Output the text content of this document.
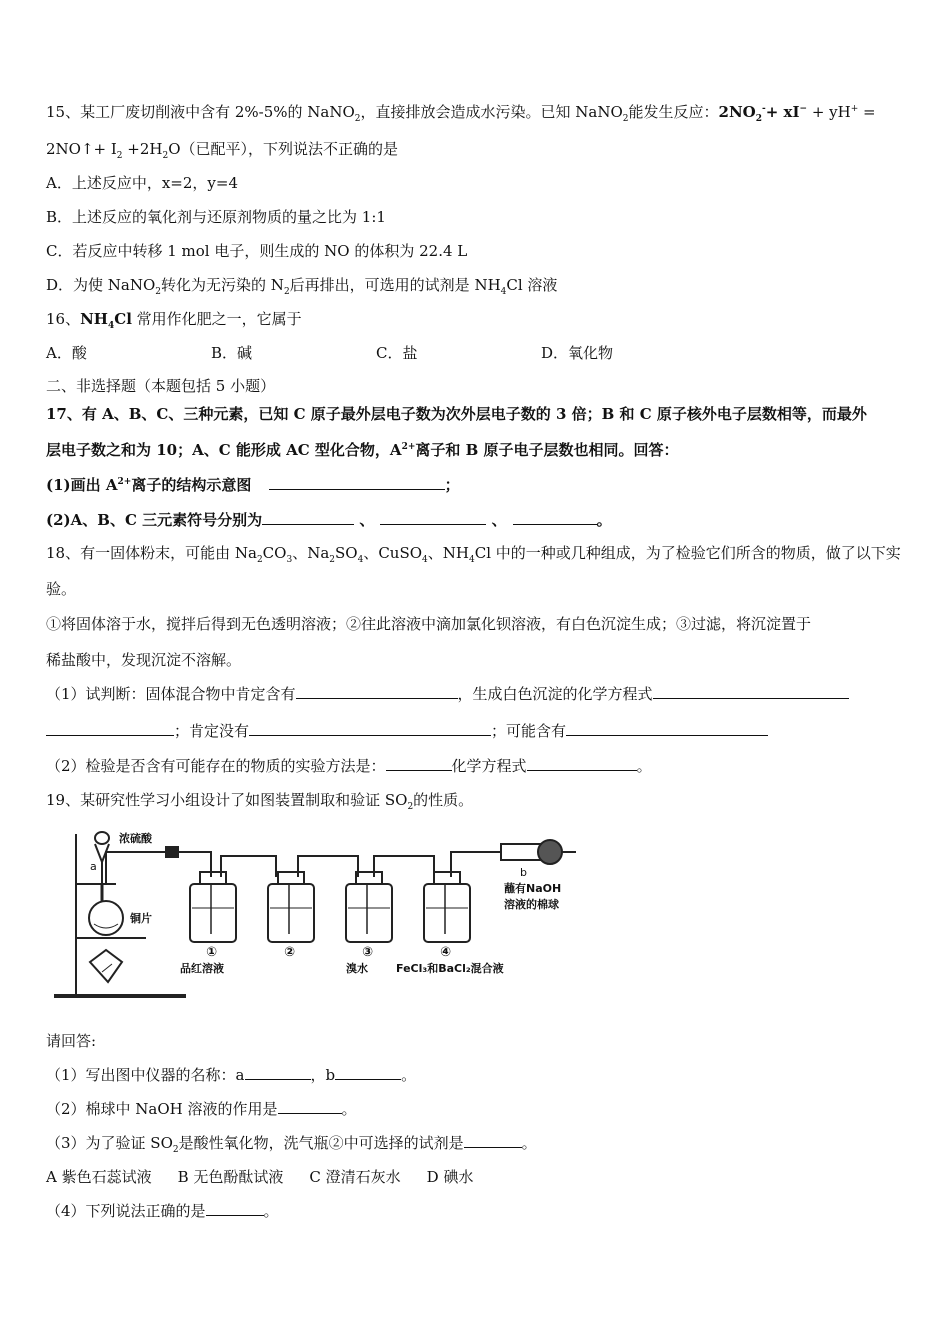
15、某工厂废切削液中含有 2%-5%的 NaNO$_2$，直接排放会造成水污染。已知 NaNO$_2$能发生反应：$2NO_2^-+ xI^- + yH^+$ =
2NO↑+ $I_2 +2H_2O$（已配平），下列说法不正确的是
A．上述反应中，x=2，y=4
B．上述反应的氧化剂与还原剂物质的量之比为 1:1
C．若反应中转移 1 mol 电子，则生成的 NO 的体积为 22.4 L
D．为使 NaNO$_2$转化为无污染的 $N_2$后再排出，可选用的试剂是 $NH_4Cl$ 溶液
16、$NH_4Cl$ 常用作化肥之一，它属于
A．酸	B．碱	C．盐	D．氧化物
二、非选择题（本题包括 5 小题）
17、有 A、B、C、三种元素，已知 C 原子最外层电子数为次外层电子数的 3 倍；B 和 C 原子核外电子层数相等，而最外
层电子数之和为 10；A、C 能形成 AC 型化合物，$A^{2+}$离子和 B 原子电子层数也相同。回答：
(1)画出 $A^{2+}$离子的结构示意图	；
(2)A、B、C 三元素符号分别为	、	、	。
18、有一固体粉末，可能由 $Na_2CO_3$、$Na_2SO_4$、CuSO$_4$、$NH_4Cl$ 中的一种或几种组成，为了检验它们所含的物质，做了以下实
验。
①将固体溶于水，搅拌后得到无色透明溶液；②往此溶液中滴加氯化钡溶液，有白色沉淀生成；③过滤，将沉淀置于
稀盐酸中，发现沉淀不溶解。
（1）试判断：固体混合物中肯定含有	，生成白色沉淀的化学方程式
；肯定没有	；可能含有
（2）检验是否含有可能存在的物质的实验方法是：	化学方程式	。
19、某研究性学习小组设计了如图装置制取和验证 $SO_2$的性质。
浓硫酸
a
铜片
b
蘸有NaOH
溶液的棉球
①	②	③	④
品红溶液	溴水	FeCl₃和BaCl₂混合液
请回答:
（1）写出图中仪器的名称：a	，b	。
（2）棉球中 NaOH 溶液的作用是	。
（3）为了验证 $SO_2$是酸性氧化物，洗气瓶②中可选择的试剂是	。
A 紫色石蕊试液 B 无色酚酞试液 C 澄清石灰水 D 碘水
（4）下列说法正确的是	。
